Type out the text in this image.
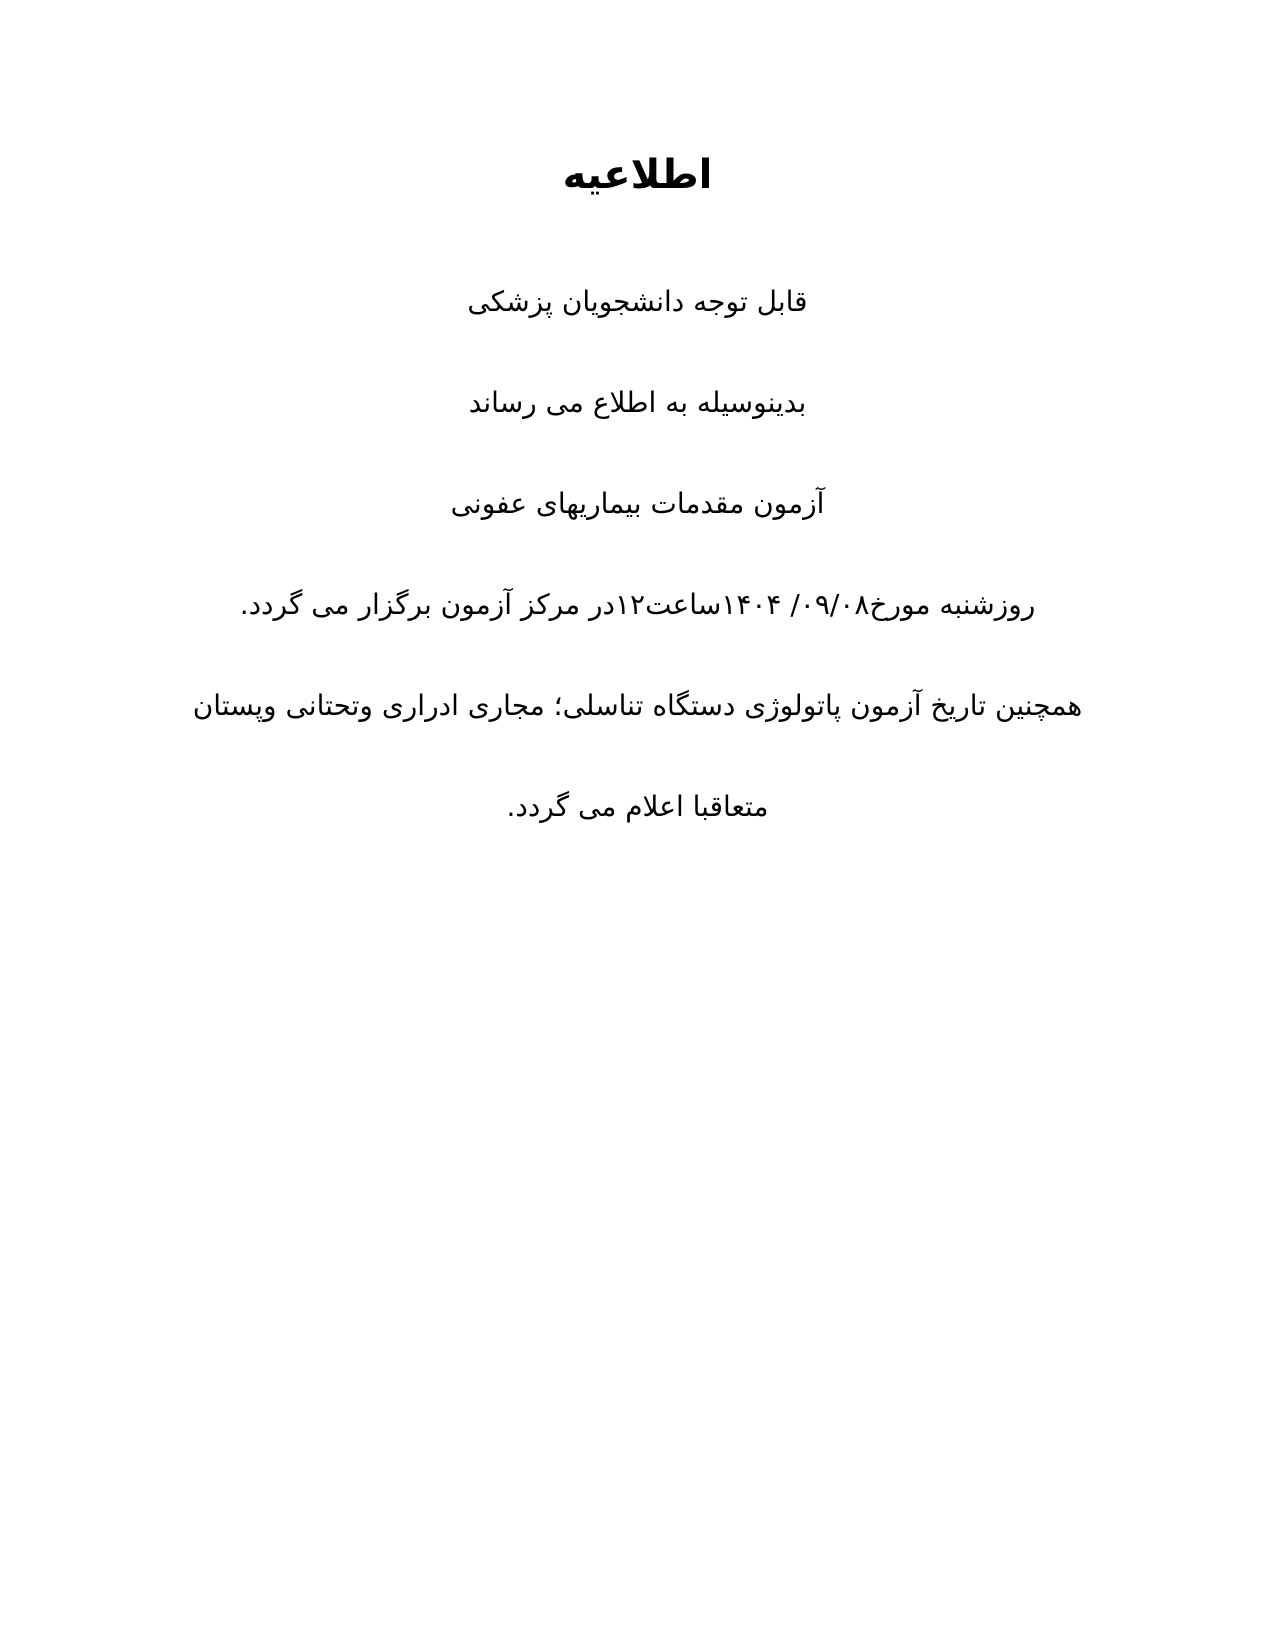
اطلاعیه
قابل توجه دانشجویان پزشکی
بدینوسیله به اطلاع می رساند
آزمون مقدمات بیماریهای عفونی
روزشنبه مورخ۰۹/۰۸/ ۱۴۰۴ساعت۱۲در مرکز آزمون برگزار می گردد.
همچنین تاریخ آزمون پاتولوژی دستگاه تناسلی؛ مجاری ادراری وتحتانی وپستان
متعاقبا اعلام می گردد.
